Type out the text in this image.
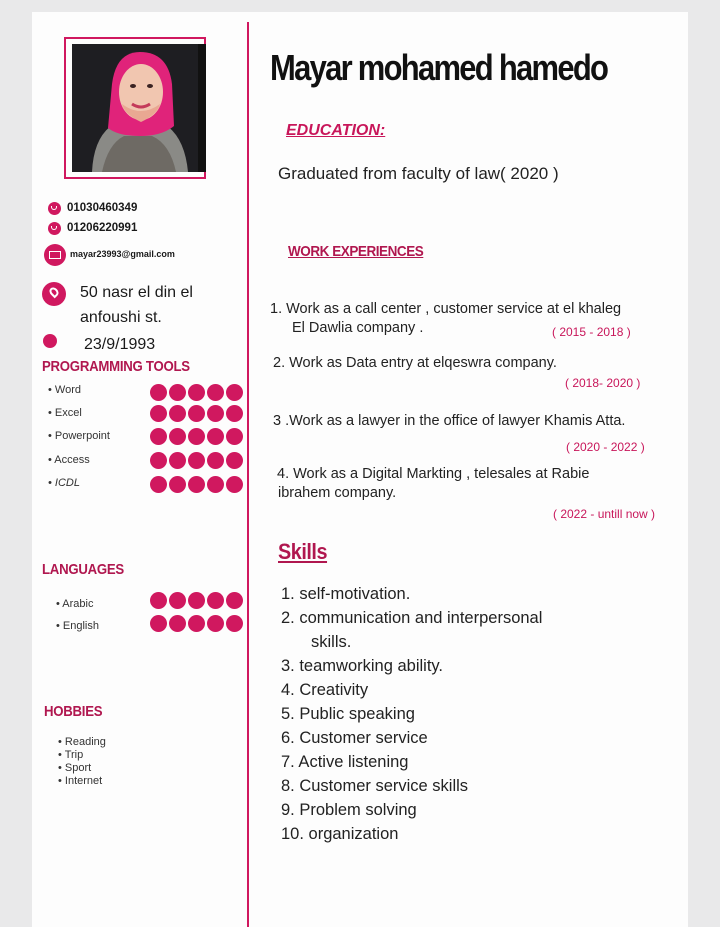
01030460349
01206220991
mayar23993@gmail.com
50 nasr el din el
anfoushi st.
23/9/1993
PROGRAMMING TOOLS
• Word
• Excel
• Powerpoint
• Access
• ICDL
LANGUAGES
• Arabic
• English
HOBBIES
• Reading
• Trip
• Sport
• Internet
Mayar mohamed hamedo
EDUCATION:
Graduated from faculty of law( 2020 )
WORK EXPERIENCES
1. Work as a call center , customer service at el khaleg
El Dawlia company .	( 2015 - 2018 )
2. Work as Data entry at elqeswra company.
( 2018- 2020 )
3 .Work as a lawyer in the office of lawyer Khamis Atta.
( 2020 - 2022 )
4. Work as a Digital Markting , telesales at Rabie
ibrahem company.
( 2022 - untill now )
Skills
1. self-motivation.
2. communication and interpersonal
skills.
3. teamworking ability.
4. Creativity
5. Public speaking
6. Customer service
7. Active listening
8. Customer service skills
9. Problem solving
10. organization
